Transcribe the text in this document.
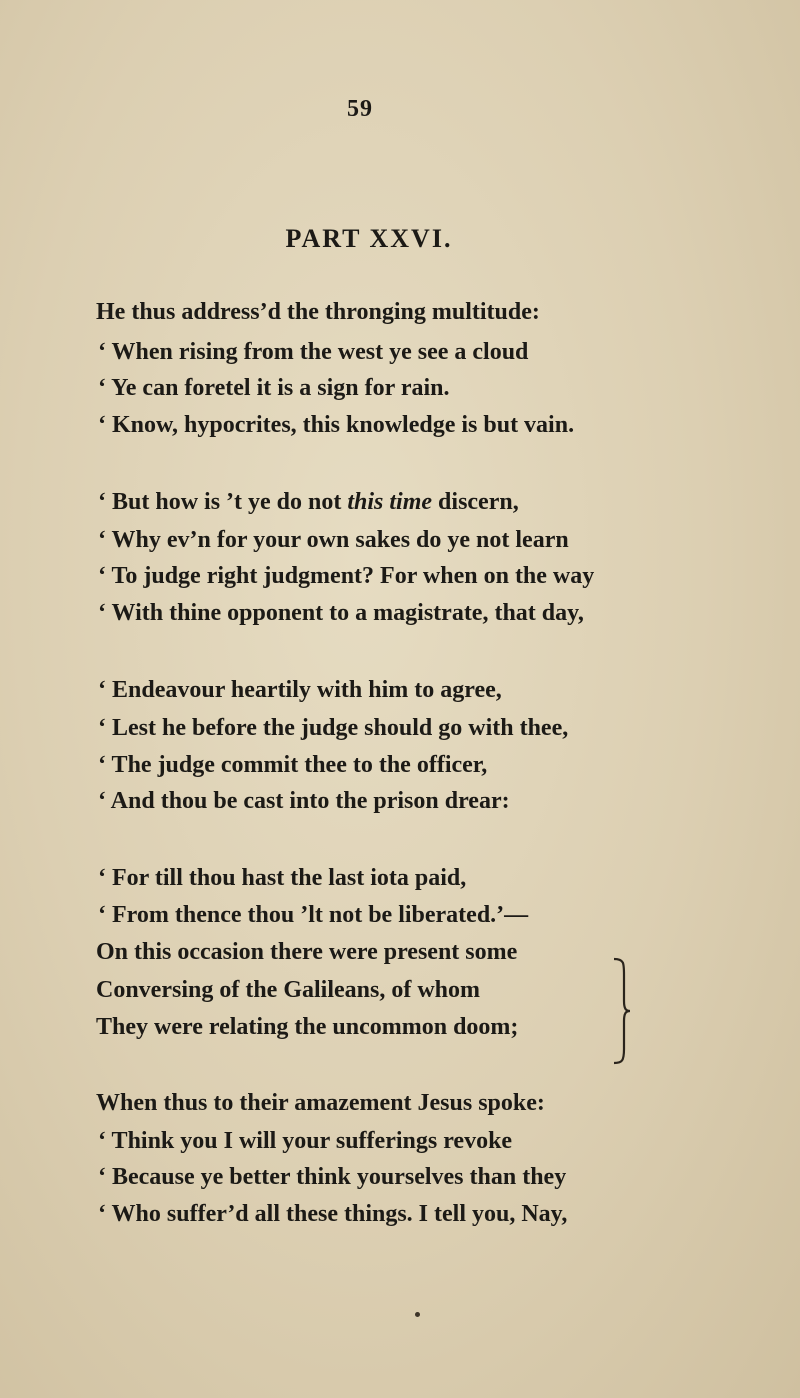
59
PART XXVI.
He thus address’d the thronging multitude:
‘ When rising from the west ye see a cloud
‘ Ye can foretel it is a sign for rain.
‘ Know, hypocrites, this knowledge is but vain.
‘ But how is ’t ye do not this time discern,
‘ Why ev’n for your own sakes do ye not learn
‘ To judge right judgment? For when on the way
‘ With thine opponent to a magistrate, that day,
‘ Endeavour heartily with him to agree,
‘ Lest he before the judge should go with thee,
‘ The judge commit thee to the officer,
‘ And thou be cast into the prison drear:
‘ For till thou hast the last iota paid,
‘ From thence thou ’lt not be liberated.’—
On this occasion there were present some
Conversing of the Galileans, of whom
They were relating the uncommon doom;
When thus to their amazement Jesus spoke:
‘ Think you I will your sufferings revoke
‘ Because ye better think yourselves than they
‘ Who suffer’d all these things. I tell you, Nay,
